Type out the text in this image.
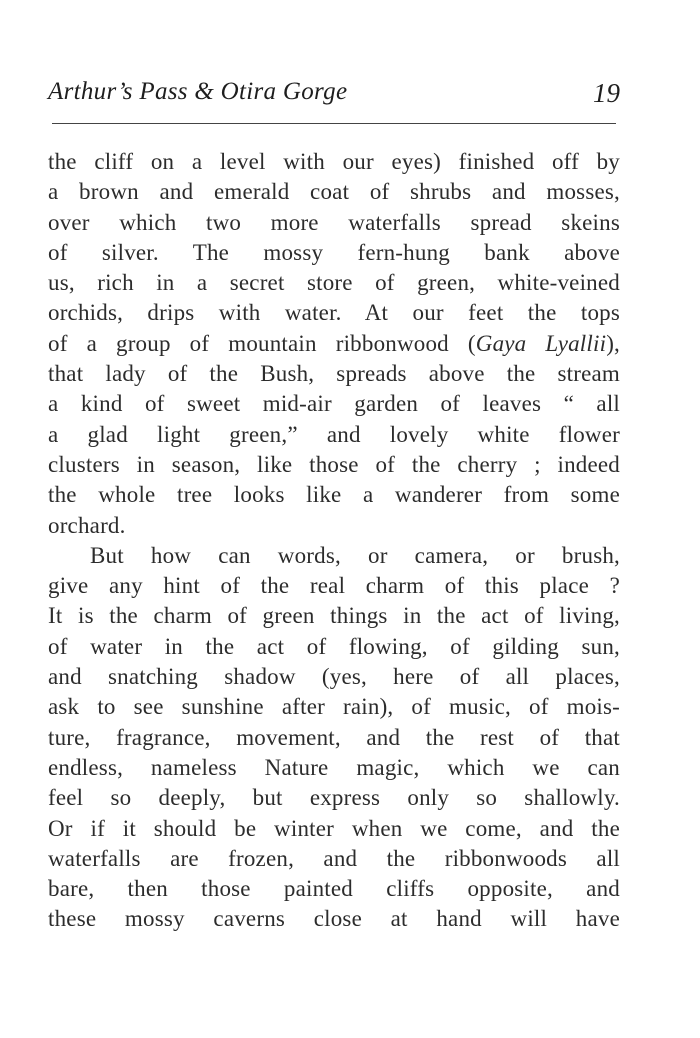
Arthur’s Pass & Otira Gorge	19
the cliff on a level with our eyes) finished off by
a brown and emerald coat of shrubs and mosses,
over which two more waterfalls spread skeins
of silver. The mossy fern-hung bank above
us, rich in a secret store of green, white-veined
orchids, drips with water. At our feet the tops
of a group of mountain ribbonwood (Gaya Lyallii),
that lady of the Bush, spreads above the stream
a kind of sweet mid-air garden of leaves “ all
a glad light green,” and lovely white flower
clusters in season, like those of the cherry ; indeed
the whole tree looks like a wanderer from some
orchard.
But how can words, or camera, or brush,
give any hint of the real charm of this place ?
It is the charm of green things in the act of living,
of water in the act of flowing, of gilding sun,
and snatching shadow (yes, here of all places,
ask to see sunshine after rain), of music, of mois-
ture, fragrance, movement, and the rest of that
endless, nameless Nature magic, which we can
feel so deeply, but express only so shallowly.
Or if it should be winter when we come, and the
waterfalls are frozen, and the ribbonwoods all
bare, then those painted cliffs opposite, and
these mossy caverns close at hand will have
